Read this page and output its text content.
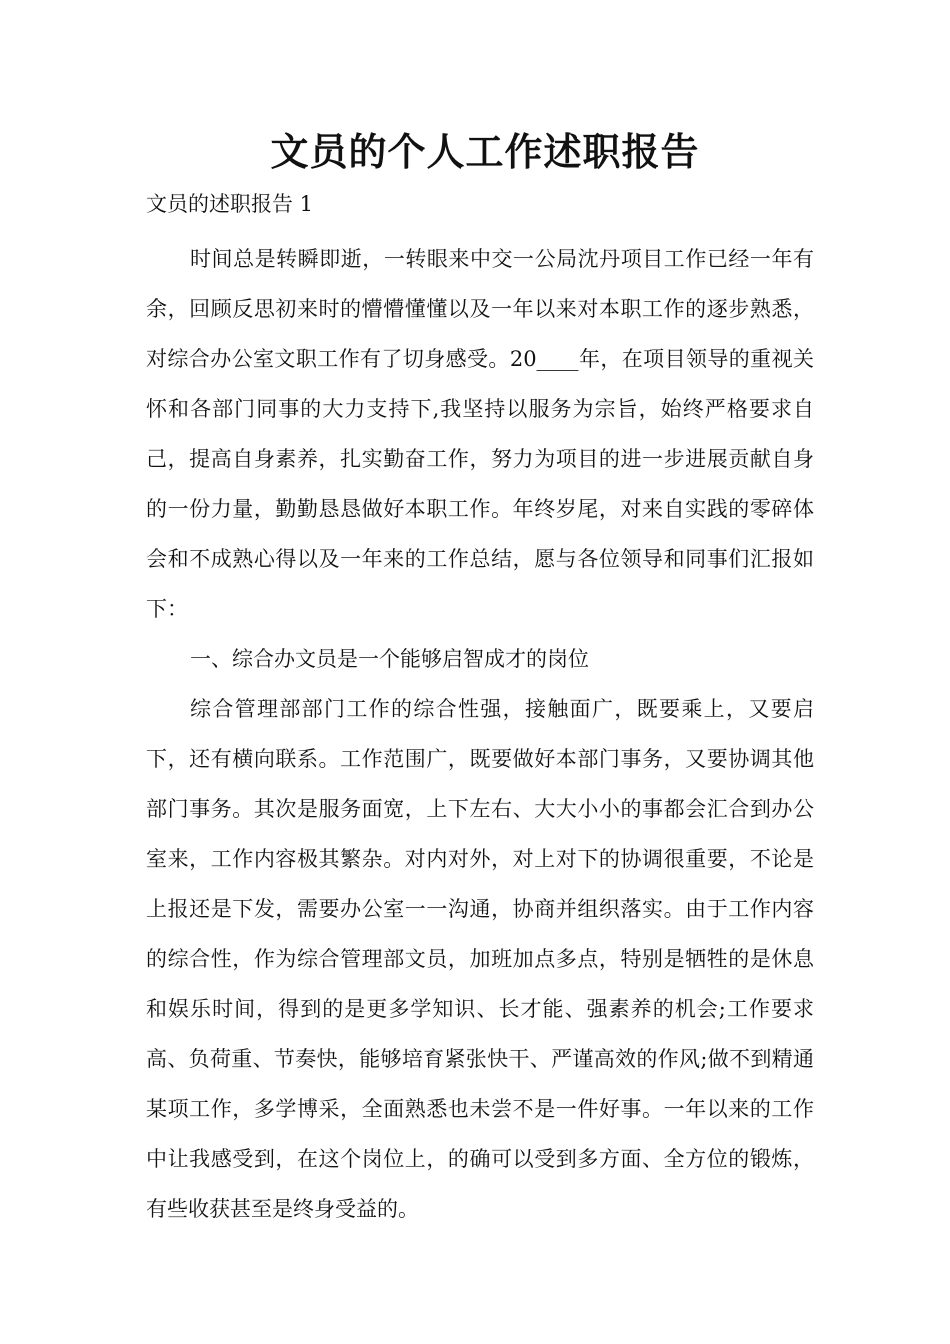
文员的个人工作述职报告

文员的述职报告 1

时间总是转瞬即逝，一转眼来中交一公局沈丹项目工作已经一年有余，回顾反思初来时的懵懵懂懂以及一年以来对本职工作的逐步熟悉，对综合办公室文职工作有了切身感受。20____年，在项目领导的重视关怀和各部门同事的大力支持下,我坚持以服务为宗旨，始终严格要求自己，提高自身素养，扎实勤奋工作，努力为项目的进一步进展贡献自身的一份力量，勤勤恳恳做好本职工作。年终岁尾，对来自实践的零碎体会和不成熟心得以及一年来的工作总结，愿与各位领导和同事们汇报如下：

一、综合办文员是一个能够启智成才的岗位

综合管理部部门工作的综合性强，接触面广，既要乘上，又要启下，还有横向联系。工作范围广，既要做好本部门事务，又要协调其他部门事务。其次是服务面宽，上下左右、大大小小的事都会汇合到办公室来，工作内容极其繁杂。对内对外，对上对下的协调很重要，不论是上报还是下发，需要办公室一一沟通，协商并组织落实。由于工作内容的综合性，作为综合管理部文员，加班加点多点，特别是牺牲的是休息和娱乐时间，得到的是更多学知识、长才能、强素养的机会;工作要求高、负荷重、节奏快，能够培育紧张快干、严谨高效的作风;做不到精通某项工作，多学博采，全面熟悉也未尝不是一件好事。一年以来的工作中让我感受到，在这个岗位上，的确可以受到多方面、全方位的锻炼，有些收获甚至是终身受益的。
